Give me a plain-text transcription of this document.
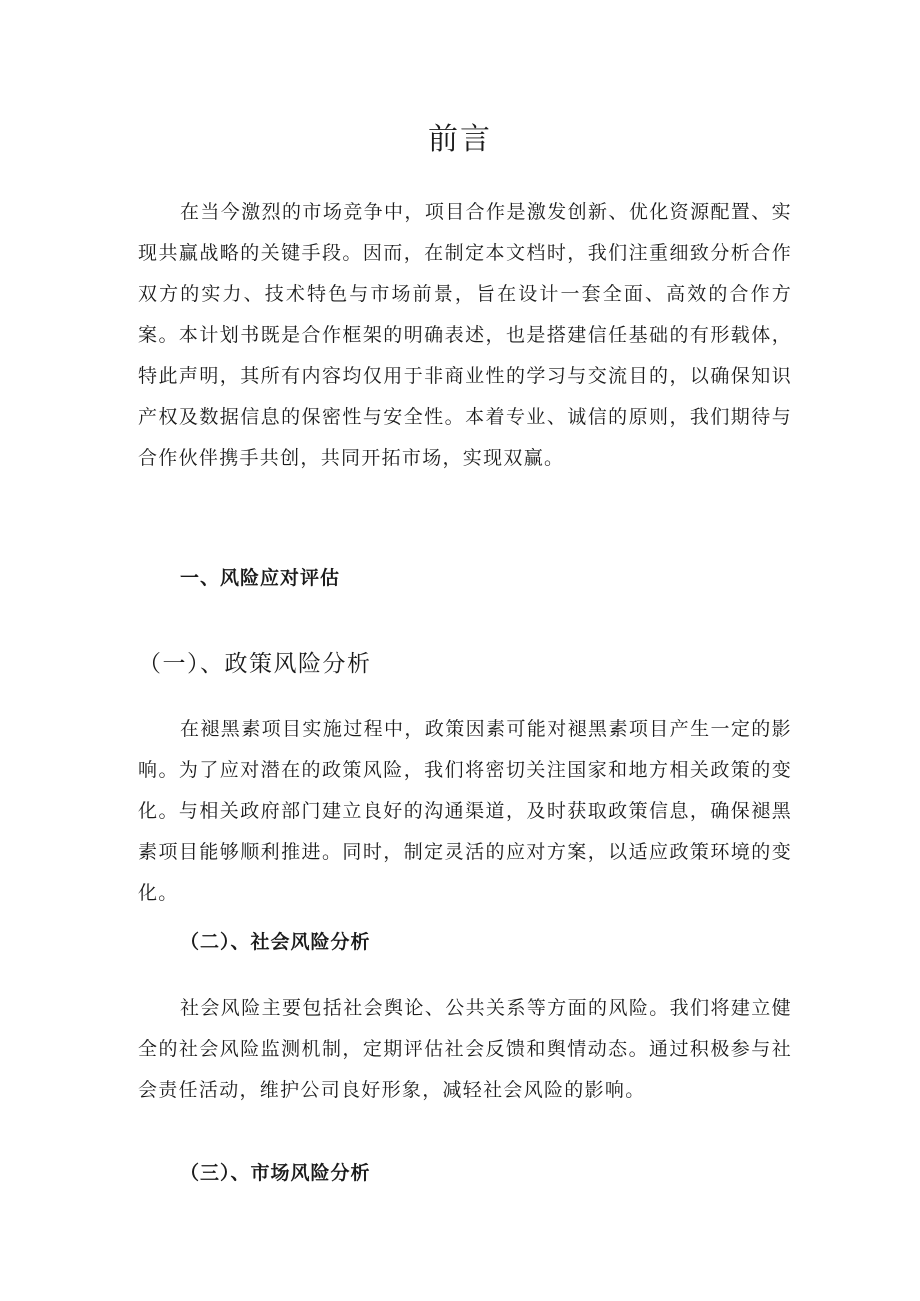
前言

在当今激烈的市场竞争中，项目合作是激发创新、优化资源配置、实现共赢战略的关键手段。因而，在制定本文档时，我们注重细致分析合作双方的实力、技术特色与市场前景，旨在设计一套全面、高效的合作方案。本计划书既是合作框架的明确表述，也是搭建信任基础的有形载体，特此声明，其所有内容均仅用于非商业性的学习与交流目的，以确保知识产权及数据信息的保密性与安全性。本着专业、诚信的原则，我们期待与合作伙伴携手共创，共同开拓市场，实现双赢。

一、风险应对评估
（一）、政策风险分析

在褪黑素项目实施过程中，政策因素可能对褪黑素项目产生一定的影响。为了应对潜在的政策风险，我们将密切关注国家和地方相关政策的变化。与相关政府部门建立良好的沟通渠道，及时获取政策信息，确保褪黑素项目能够顺利推进。同时，制定灵活的应对方案，以适应政策环境的变化。

（二）、社会风险分析

社会风险主要包括社会舆论、公共关系等方面的风险。我们将建立健全的社会风险监测机制，定期评估社会反馈和舆情动态。通过积极参与社会责任活动，维护公司良好形象，减轻社会风险的影响。

（三）、市场风险分析
